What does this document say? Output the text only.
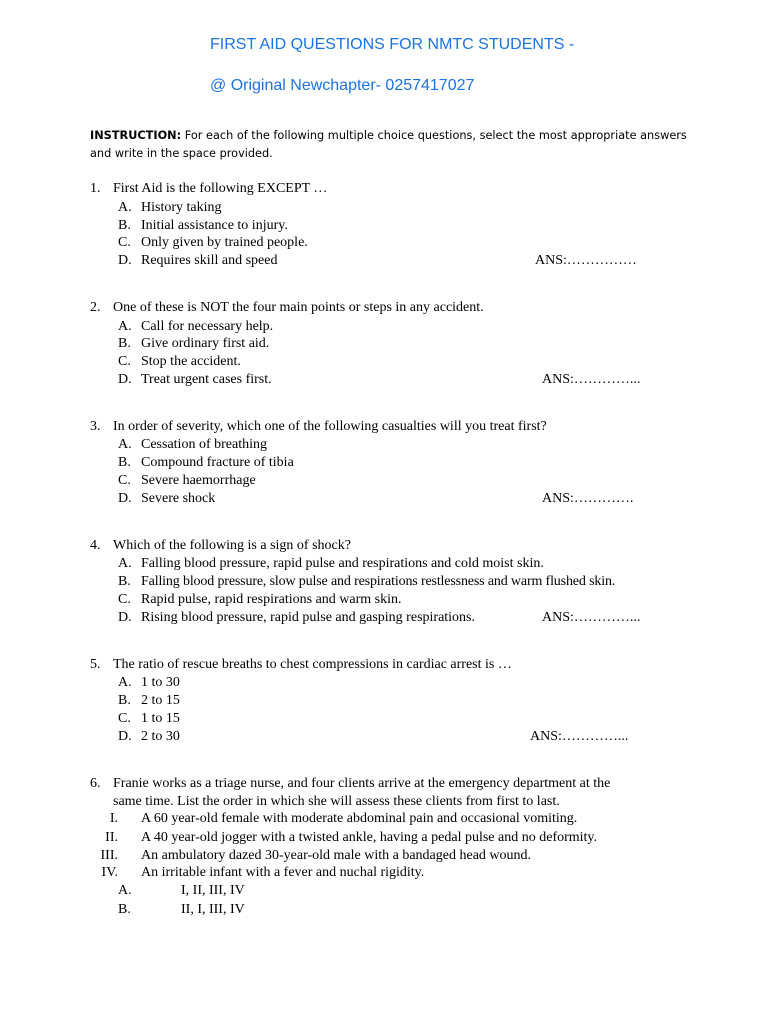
FIRST AID QUESTIONS FOR NMTC STUDENTS -
@ Original Newchapter- 0257417027
INSTRUCTION: For each of the following multiple choice questions, select the most appropriate answers and write in the space provided.
1. First Aid is the following EXCEPT …
A. History taking
B. Initial assistance to injury.
C. Only given by trained people.
D. Requires skill and speed	ANS:……………
2. One of these is NOT the four main points or steps in any accident.
A. Call for necessary help.
B. Give ordinary first aid.
C. Stop the accident.
D. Treat urgent cases first.	ANS:…………...
3. In order of severity, which one of the following casualties will you treat first?
A. Cessation of breathing
B. Compound fracture of tibia
C. Severe haemorrhage
D. Severe shock	ANS:………….
4. Which of the following is a sign of shock?
A. Falling blood pressure, rapid pulse and respirations and cold moist skin.
B. Falling blood pressure, slow pulse and respirations restlessness and warm flushed skin.
C. Rapid pulse, rapid respirations and warm skin.
D. Rising blood pressure, rapid pulse and gasping respirations.	ANS:…………...
5. The ratio of rescue breaths to chest compressions in cardiac arrest is …
A. 1 to 30
B. 2 to 15
C. 1 to 15
D. 2 to 30	ANS:…………...
6. Franie works as a triage nurse, and four clients arrive at the emergency department at the
same time. List the order in which she will assess these clients from first to last.
I. A 60 year-old female with moderate abdominal pain and occasional vomiting.
II. A 40 year-old jogger with a twisted ankle, having a pedal pulse and no deformity.
III. An ambulatory dazed 30-year-old male with a bandaged head wound.
IV. An irritable infant with a fever and nuchal rigidity.
A.	I, II, III, IV
B.	II, I, III, IV
